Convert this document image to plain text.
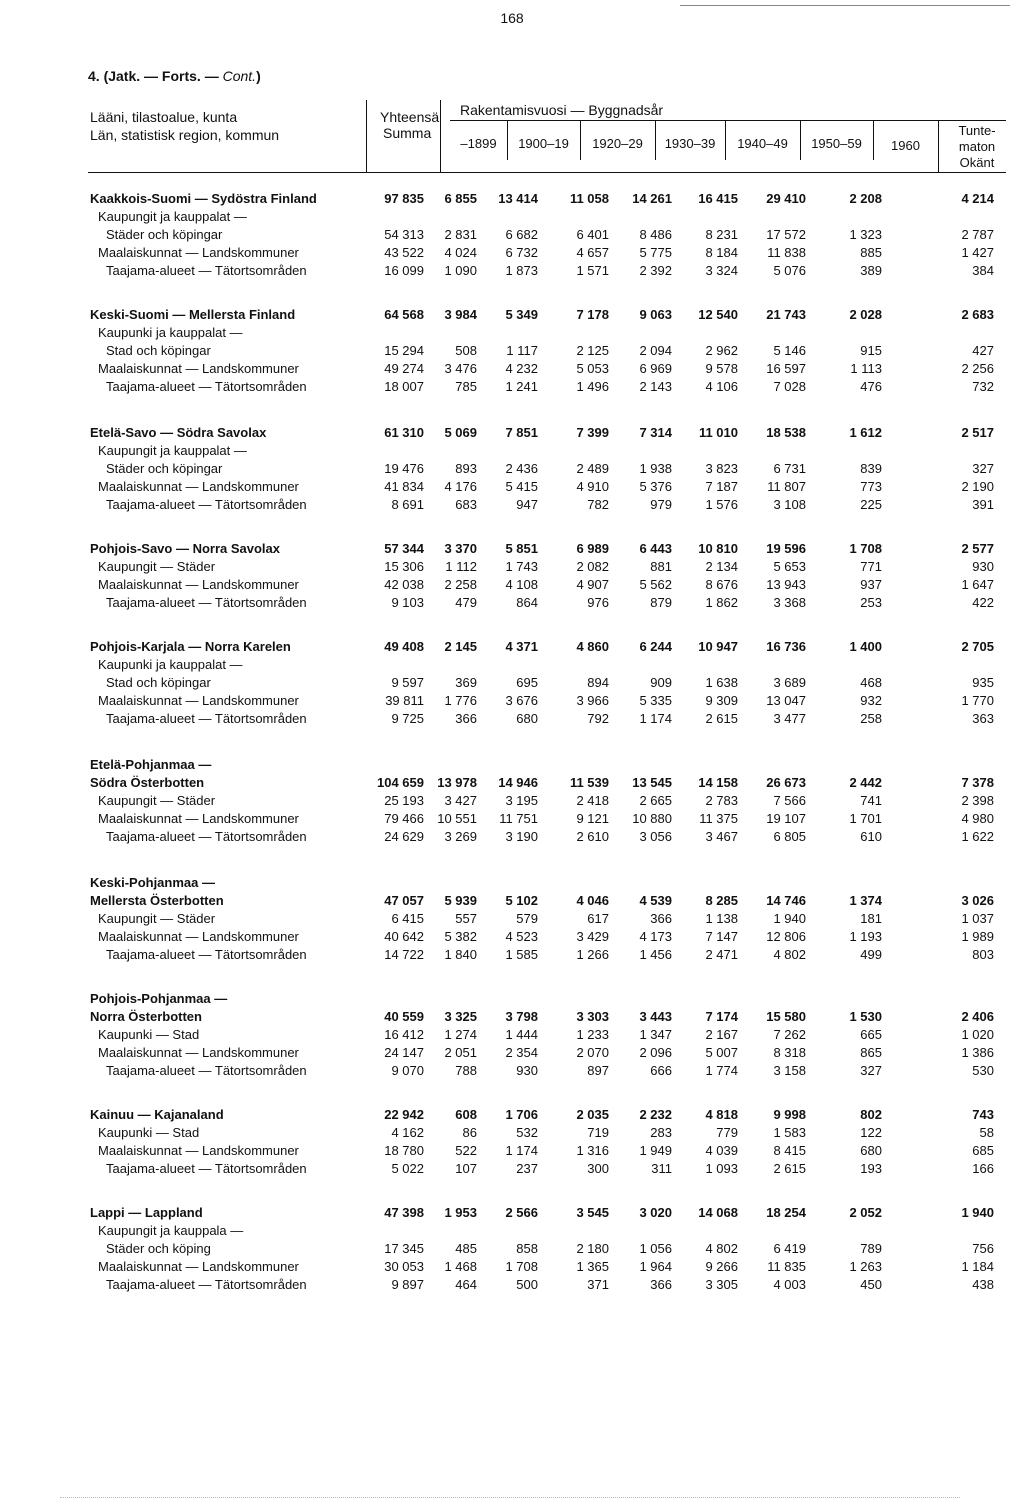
168
4. (Jatk. — Forts. — Cont.)
Lääni, tilastoalue, kunta
Län, statistisk region, kommun
Yhteensä
Summa
Rakentamisvuosi — Byggnadsår
–1899	1900–19	1920–29	1930–39	1940–49	1950–59	1960
Tunte-
maton
Okänt
Kaakkois-Suomi — Sydöstra Finland	97 835	6 855	13 414	11 058	14 261	16 415	29 410	2 208	4 214
Kaupungit ja kauppalat —
Städer och köpingar	54 313	2 831	6 682	6 401	8 486	8 231	17 572	1 323	2 787
Maalaiskunnat — Landskommuner	43 522	4 024	6 732	4 657	5 775	8 184	11 838	885	1 427
Taajama-alueet — Tätortsområden	16 099	1 090	1 873	1 571	2 392	3 324	5 076	389	384
Keski-Suomi — Mellersta Finland	64 568	3 984	5 349	7 178	9 063	12 540	21 743	2 028	2 683
Kaupunki ja kauppalat —
Stad och köpingar	15 294	508	1 117	2 125	2 094	2 962	5 146	915	427
Maalaiskunnat — Landskommuner	49 274	3 476	4 232	5 053	6 969	9 578	16 597	1 113	2 256
Taajama-alueet — Tätortsområden	18 007	785	1 241	1 496	2 143	4 106	7 028	476	732
Etelä-Savo — Södra Savolax	61 310	5 069	7 851	7 399	7 314	11 010	18 538	1 612	2 517
Kaupungit ja kauppalat —
Städer och köpingar	19 476	893	2 436	2 489	1 938	3 823	6 731	839	327
Maalaiskunnat — Landskommuner	41 834	4 176	5 415	4 910	5 376	7 187	11 807	773	2 190
Taajama-alueet — Tätortsområden	8 691	683	947	782	979	1 576	3 108	225	391
Pohjois-Savo — Norra Savolax	57 344	3 370	5 851	6 989	6 443	10 810	19 596	1 708	2 577
Kaupungit — Städer	15 306	1 112	1 743	2 082	881	2 134	5 653	771	930
Maalaiskunnat — Landskommuner	42 038	2 258	4 108	4 907	5 562	8 676	13 943	937	1 647
Taajama-alueet — Tätortsområden	9 103	479	864	976	879	1 862	3 368	253	422
Pohjois-Karjala — Norra Karelen	49 408	2 145	4 371	4 860	6 244	10 947	16 736	1 400	2 705
Kaupunki ja kauppalat —
Stad och köpingar	9 597	369	695	894	909	1 638	3 689	468	935
Maalaiskunnat — Landskommuner	39 811	1 776	3 676	3 966	5 335	9 309	13 047	932	1 770
Taajama-alueet — Tätortsområden	9 725	366	680	792	1 174	2 615	3 477	258	363
Etelä-Pohjanmaa —
Södra Österbotten	104 659	13 978	14 946	11 539	13 545	14 158	26 673	2 442	7 378
Kaupungit — Städer	25 193	3 427	3 195	2 418	2 665	2 783	7 566	741	2 398
Maalaiskunnat — Landskommuner	79 466	10 551	11 751	9 121	10 880	11 375	19 107	1 701	4 980
Taajama-alueet — Tätortsområden	24 629	3 269	3 190	2 610	3 056	3 467	6 805	610	1 622
Keski-Pohjanmaa —
Mellersta Österbotten	47 057	5 939	5 102	4 046	4 539	8 285	14 746	1 374	3 026
Kaupungit — Städer	6 415	557	579	617	366	1 138	1 940	181	1 037
Maalaiskunnat — Landskommuner	40 642	5 382	4 523	3 429	4 173	7 147	12 806	1 193	1 989
Taajama-alueet — Tätortsområden	14 722	1 840	1 585	1 266	1 456	2 471	4 802	499	803
Pohjois-Pohjanmaa —
Norra Österbotten	40 559	3 325	3 798	3 303	3 443	7 174	15 580	1 530	2 406
Kaupunki — Stad	16 412	1 274	1 444	1 233	1 347	2 167	7 262	665	1 020
Maalaiskunnat — Landskommuner	24 147	2 051	2 354	2 070	2 096	5 007	8 318	865	1 386
Taajama-alueet — Tätortsområden	9 070	788	930	897	666	1 774	3 158	327	530
Kainuu — Kajanaland	22 942	608	1 706	2 035	2 232	4 818	9 998	802	743
Kaupunki — Stad	4 162	86	532	719	283	779	1 583	122	58
Maalaiskunnat — Landskommuner	18 780	522	1 174	1 316	1 949	4 039	8 415	680	685
Taajama-alueet — Tätortsområden	5 022	107	237	300	311	1 093	2 615	193	166
Lappi — Lappland	47 398	1 953	2 566	3 545	3 020	14 068	18 254	2 052	1 940
Kaupungit ja kauppala —
Städer och köping	17 345	485	858	2 180	1 056	4 802	6 419	789	756
Maalaiskunnat — Landskommuner	30 053	1 468	1 708	1 365	1 964	9 266	11 835	1 263	1 184
Taajama-alueet — Tätortsområden	9 897	464	500	371	366	3 305	4 003	450	438
